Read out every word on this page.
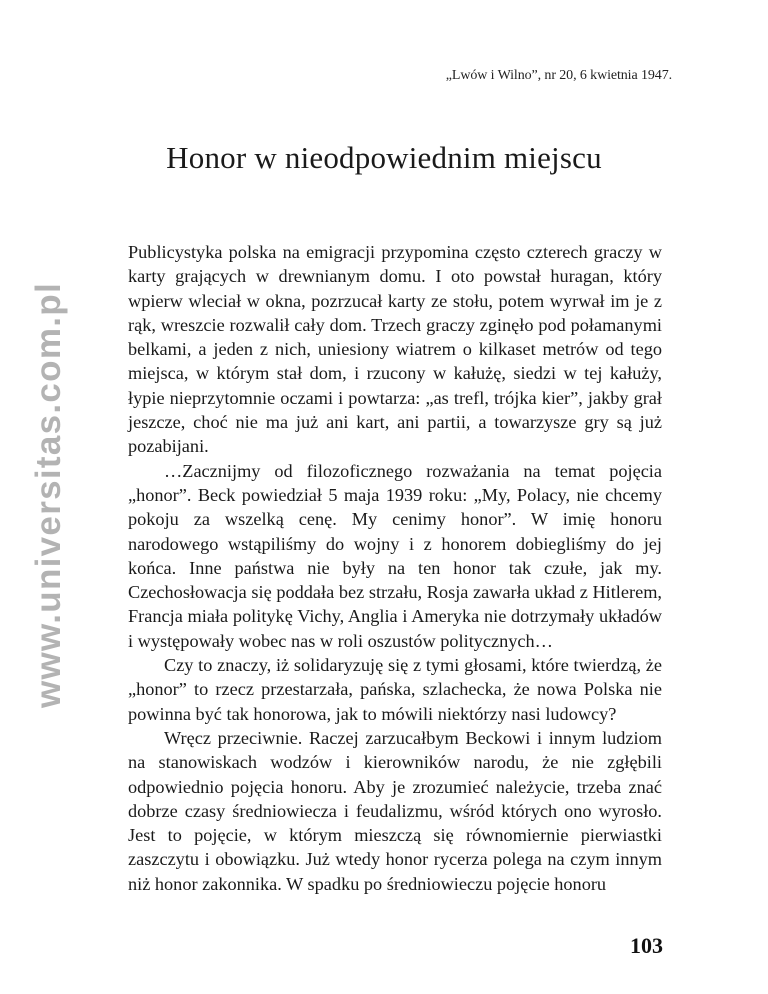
„Lwów i Wilno”, nr 20, 6 kwietnia 1947.
Honor w nieodpowiednim miejscu
www.universitas.com.pl

Publicystyka polska na emigracji przypomina często czterech graczy w karty grających w drewnianym domu. I oto powstał huragan, który wpierw wleciał w okna, pozrzucał karty ze stołu, potem wyrwał im je z rąk, wreszcie rozwalił cały dom. Trzech graczy zginęło pod połamanymi belkami, a jeden z nich, uniesiony wiatrem o kilkaset metrów od tego miejsca, w którym stał dom, i rzucony w kałużę, siedzi w tej kałuży, łypie nieprzytomnie oczami i powtarza: „as trefl, trójka kier”, jakby grał jeszcze, choć nie ma już ani kart, ani partii, a towarzysze gry są już pozabijani.

…Zacznijmy od filozoficznego rozważania na temat pojęcia „honor”. Beck powiedział 5 maja 1939 roku: „My, Polacy, nie chcemy pokoju za wszelką cenę. My cenimy honor”. W imię honoru narodowego wstąpiliśmy do wojny i z honorem dobiegliśmy do jej końca. Inne państwa nie były na ten honor tak czułe, jak my. Czechosłowacja się poddała bez strzału, Rosja zawarła układ z Hitlerem, Francja miała politykę Vichy, Anglia i Ameryka nie dotrzymały układów i występowały wobec nas w roli oszustów politycznych…

Czy to znaczy, iż solidaryzuję się z tymi głosami, które twierdzą, że „honor” to rzecz przestarzała, pańska, szlachecka, że nowa Polska nie powinna być tak honorowa, jak to mówili niektórzy nasi ludowcy?

Wręcz przeciwnie. Raczej zarzucałbym Beckowi i innym ludziom na stanowiskach wodzów i kierowników narodu, że nie zgłębili odpowiednio pojęcia honoru. Aby je zrozumieć należycie, trzeba znać dobrze czasy średniowiecza i feudalizmu, wśród których ono wyrosło. Jest to pojęcie, w którym mieszczą się równomiernie pierwiastki zaszczytu i obowiązku. Już wtedy honor rycerza polega na czym innym niż honor zakonnika. W spadku po średniowieczu pojęcie honoru

103
